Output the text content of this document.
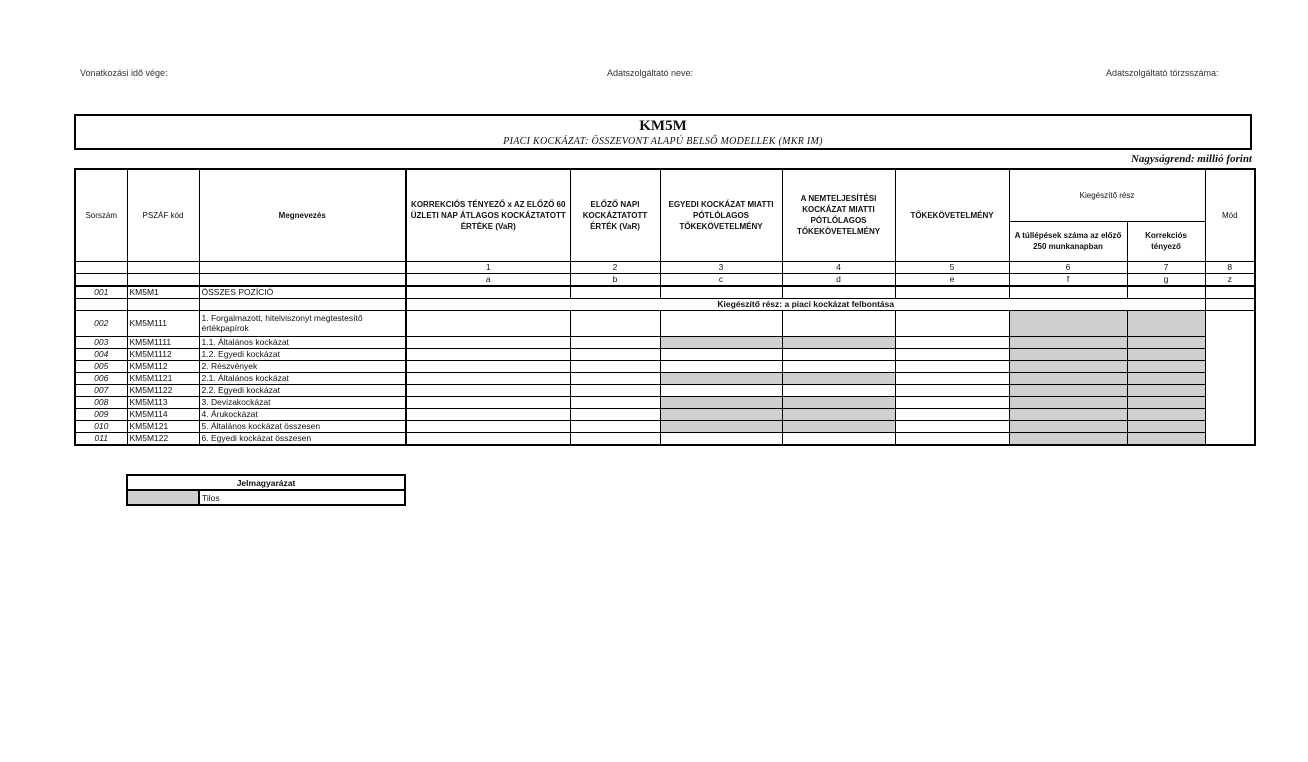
Vonatkozási idő vége:	Adatszolgáltató neve:	Adatszolgáltató törzsszáma:
KM5M
PIACI KOCKÁZAT: ÖSSZEVONT ALAPÚ BELSŐ MODELLEK (MKR IM)
Nagyságrend: millió forint
Sorszám	PSZÁF kód	Megnevezés	KORREKCIÓS TÉNYEZŐ x AZ ELŐZŐ 60 ÜZLETI NAP ÁTLAGOS KOCKÁZTATOTT ÉRTÉKE (VaR)	ELŐZŐ NAPI KOCKÁZTATOTT ÉRTÉK (VaR)	EGYEDI KOCKÁZAT MIATTI PÓTLÓLAGOS TŐKEKÖVETELMÉNY	A NEMTELJESÍTÉSI KOCKÁZAT MIATTI PÓTLÓLAGOS TŐKEKÖVETELMÉNY	TŐKEKÖVETELMÉNY	Kiegészítő rész		Mód
								A túllépések száma az előző 250 munkanapban	Korrekciós tényező	
			1	2	3	4	5	6	7	8
			a	b	c	d	e	f	g	z
001	KM5M1	ÖSSZES POZÍCIÓ								
			Kiegészítő rész: a piaci kockázat felbontása							
002	KM5M111	1. Forgalmazott, hitelviszonyt megtestesítő értékpapírok								
003	KM5M1111	1.1. Általános kockázat								
004	KM5M1112	1.2. Egyedi kockázat								
005	KM5M112	2. Részvények								
006	KM5M1121	2.1. Általános kockázat								
007	KM5M1122	2.2. Egyedi kockázat								
008	KM5M113	3. Devizakockázat								
009	KM5M114	4. Árukockázat								
010	KM5M121	5. Általános kockázat összesen								
011	KM5M122	6. Egyedi kockázat összesen								
Jelmagyarázat
	Tilos
